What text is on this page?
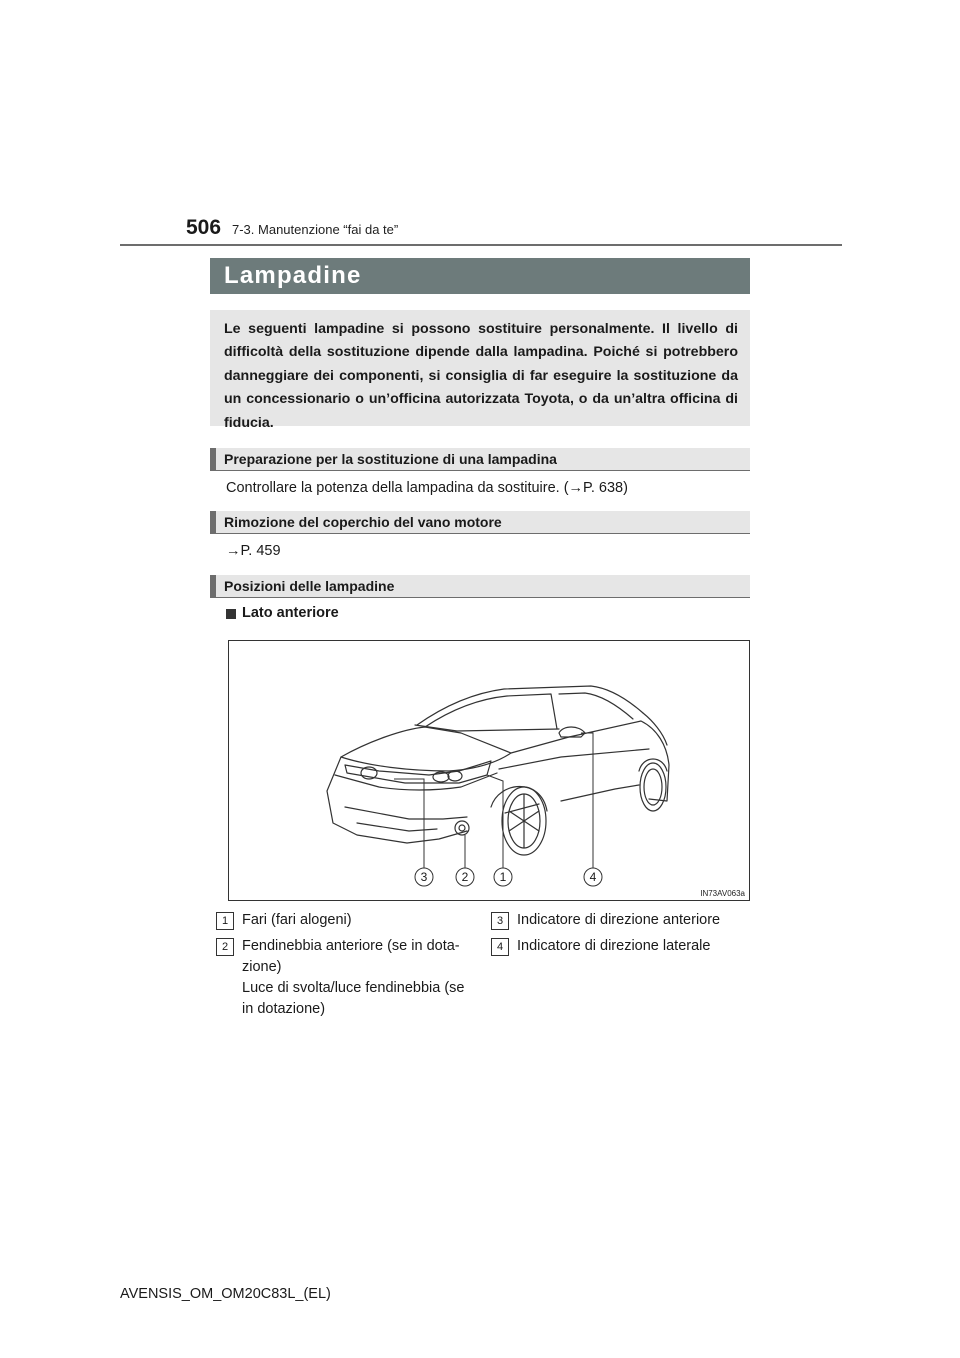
506 7-3. Manutenzione “fai da te”
Lampadine

Le seguenti lampadine si possono sostituire personalmente. Il livello di difficoltà della sostituzione dipende dalla lampadina. Poiché si potrebbero danneggiare dei componenti, si consiglia di far eseguire la sostituzione da un concessionario o un’officina autorizzata Toyota, o da un’altra officina di fiducia.

Preparazione per la sostituzione di una lampadina
Controllare la potenza della lampadina da sostituire. (→P. 638)
Rimozione del coperchio del vano motore
→P. 459
Posizioni delle lampadine
Lato anteriore
3	2	1	4
IN73AV063a
1 Fari (fari alogeni)
2 Fendinebbia anteriore (se in dota-
zione)
Luce di svolta/luce fendinebbia (se
in dotazione)
3 Indicatore di direzione anteriore
4 Indicatore di direzione laterale
AVENSIS_OM_OM20C83L_(EL)
